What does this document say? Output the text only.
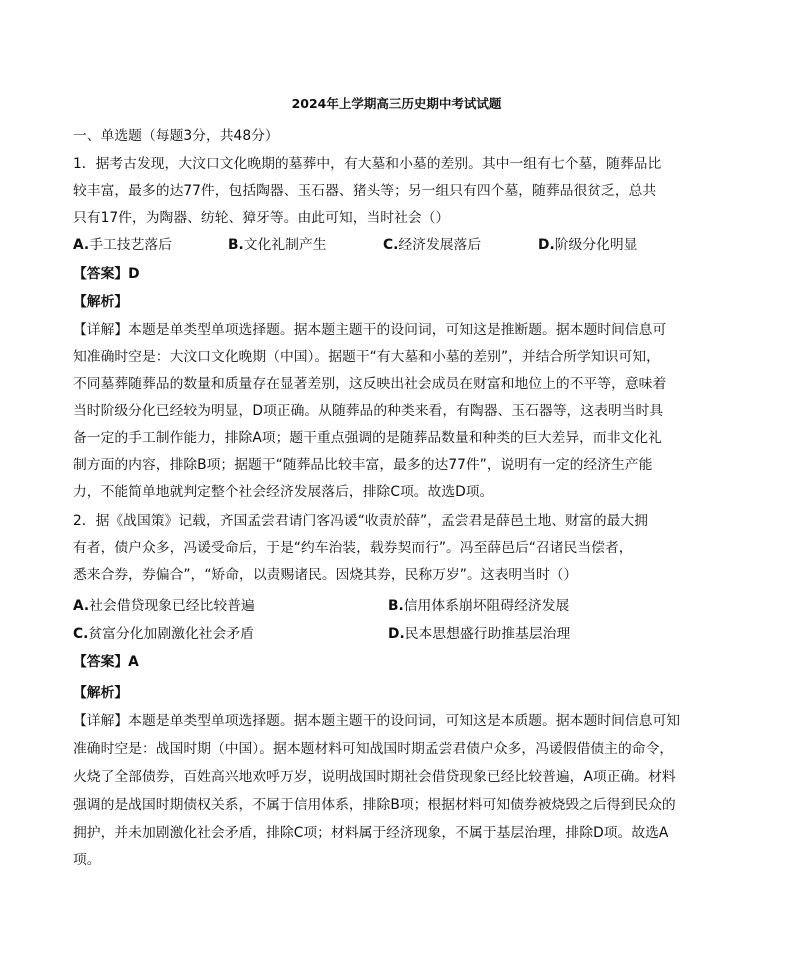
2024年上学期高三历史期中考试试题
一、单选题（每题3分，共48分）
1．据考古发现，大汶口文化晚期的墓葬中，有大墓和小墓的差别。其中一组有七个墓，随葬品比
较丰富，最多的达77件，包括陶器、玉石器、猪头等；另一组只有四个墓，随葬品很贫乏，总共
只有17件，为陶器、纺轮、獐牙等。由此可知，当时社会（）
A.手工技艺落后	B.文化礼制产生	C.经济发展落后	D.阶级分化明显
【答案】D
【解析】
【详解】本题是单类型单项选择题。据本题主题干的设问词，可知这是推断题。据本题时间信息可
知准确时空是：大汶口文化晚期（中国）。据题干“有大墓和小墓的差别”，并结合所学知识可知，
不同墓葬随葬品的数量和质量存在显著差别，这反映出社会成员在财富和地位上的不平等，意味着
当时阶级分化已经较为明显，D项正确。从随葬品的种类来看，有陶器、玉石器等，这表明当时具
备一定的手工制作能力，排除A项；题干重点强调的是随葬品数量和种类的巨大差异，而非文化礼
制方面的内容，排除B项；据题干“随葬品比较丰富，最多的达77件”，说明有一定的经济生产能
力，不能简单地就判定整个社会经济发展落后，排除C项。故选D项。
2．据《战国策》记载，齐国孟尝君请门客冯谖“收责於薛”，孟尝君是薛邑土地、财富的最大拥
有者，债户众多，冯谖受命后，于是“约车治装，载券契而行”。冯至薛邑后“召诸民当偿者，
悉来合券，券偏合”，“矫命，以责赐诸民。因烧其券，民称万岁”。这表明当时（）
A.社会借贷现象已经比较普遍	B.信用体系崩坏阻碍经济发展
C.贫富分化加剧激化社会矛盾	D.民本思想盛行助推基层治理
【答案】A
【解析】
【详解】本题是单类型单项选择题。据本题主题干的设问词，可知这是本质题。据本题时间信息可知
准确时空是：战国时期（中国）。据本题材料可知战国时期孟尝君债户众多，冯谖假借债主的命令，
火烧了全部债券，百姓高兴地欢呼万岁，说明战国时期社会借贷现象已经比较普遍，A项正确。材料
强调的是战国时期债权关系，不属于信用体系，排除B项；根据材料可知债券被烧毁之后得到民众的
拥护，并未加剧激化社会矛盾，排除C项；材料属于经济现象，不属于基层治理，排除D项。故选A
项。
